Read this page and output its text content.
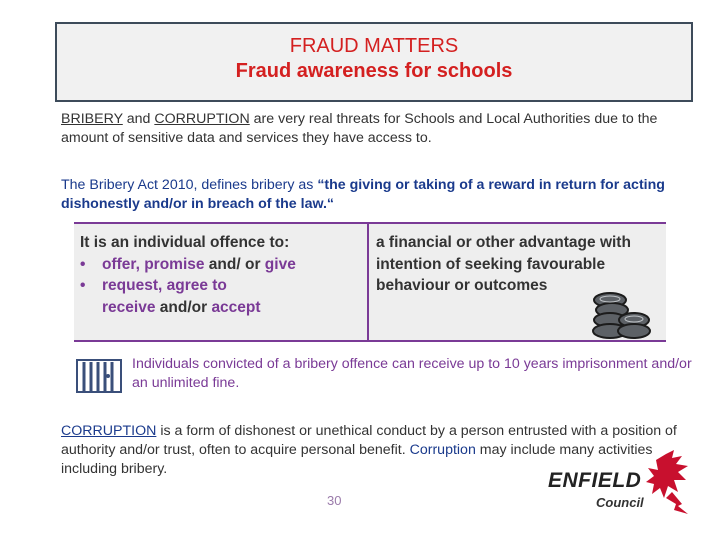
FRAUD MATTERS
Fraud awareness for schools
BRIBERY and CORRUPTION are very real threats for Schools and Local Authorities due to the amount of sensitive data and services they have access to.
The Bribery Act 2010, defines bribery as “the giving or taking of a reward in return for acting dishonestly and/or in breach of the law.“
It is an individual offence to:
• offer, promise and/ or give
• request, agree to
receive and/or accept
a financial or other advantage with intention of seeking favourable behaviour or outcomes
Individuals convicted of a bribery offence can receive up to 10 years imprisonment and/or an unlimited fine.
CORRUPTION is a form of dishonest or unethical conduct by a person entrusted with a position of authority and/or trust, often to acquire personal benefit. Corruption may include many activities including bribery.
30
ENFIELD
Council
